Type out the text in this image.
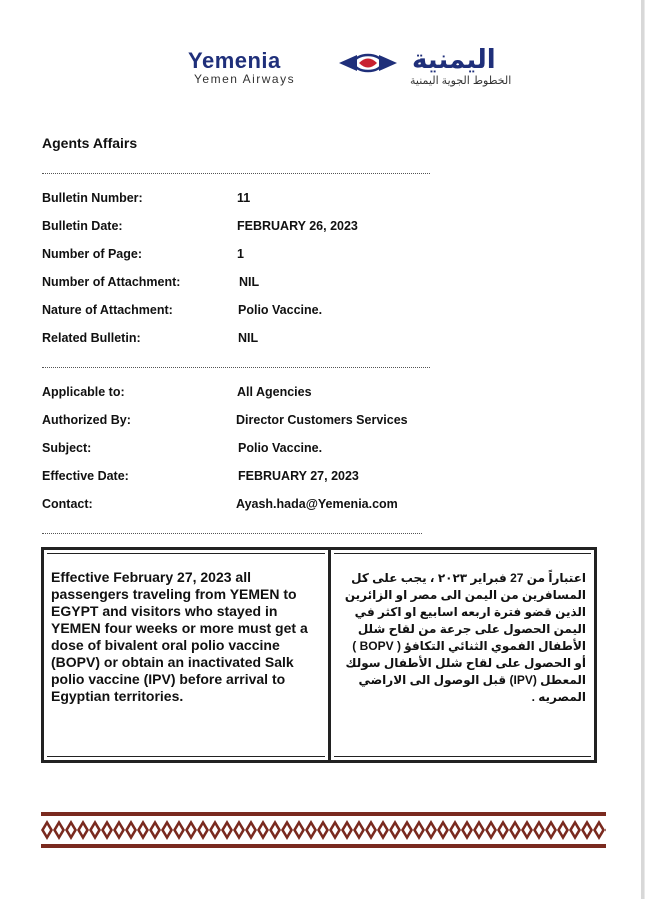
Yemenia
Yemen Airways
اليمنية
الخطوط الجوية اليمنية
Agents Affairs
Bulletin Number:	11
Bulletin Date:	FEBRUARY 26, 2023
Number of Page:	1
Number of Attachment:	NIL
Nature of Attachment:	Polio Vaccine.
Related Bulletin:	NIL
Applicable to:	All Agencies
Authorized By:	Director Customers Services
Subject:	Polio Vaccine.
Effective Date:	FEBRUARY 27, 2023
Contact:	Ayash.hada@Yemenia.com
Effective February 27, 2023 all passengers traveling from YEMEN to EGYPT and visitors who stayed in YEMEN four weeks or more must get a dose of bivalent oral polio vaccine (BOPV) or obtain an inactivated Salk polio vaccine (IPV) before arrival to Egyptian territories.
اعتباراً من 27 فبراير ٢٠٢٣ ، يجب على كل المسافرين من اليمن الى مصر او الزائرين الذين قضو فترة اربعه اسابيع او اكثر في اليمن الحصول على جرعة من لقاح شلل الأطفال الفموي الثنائي التكافؤ ( BOPV ) أو الحصول على لقاح شلل الأطفال سولك المعطل (IPV) قبل الوصول الى الاراضي المصريه .
